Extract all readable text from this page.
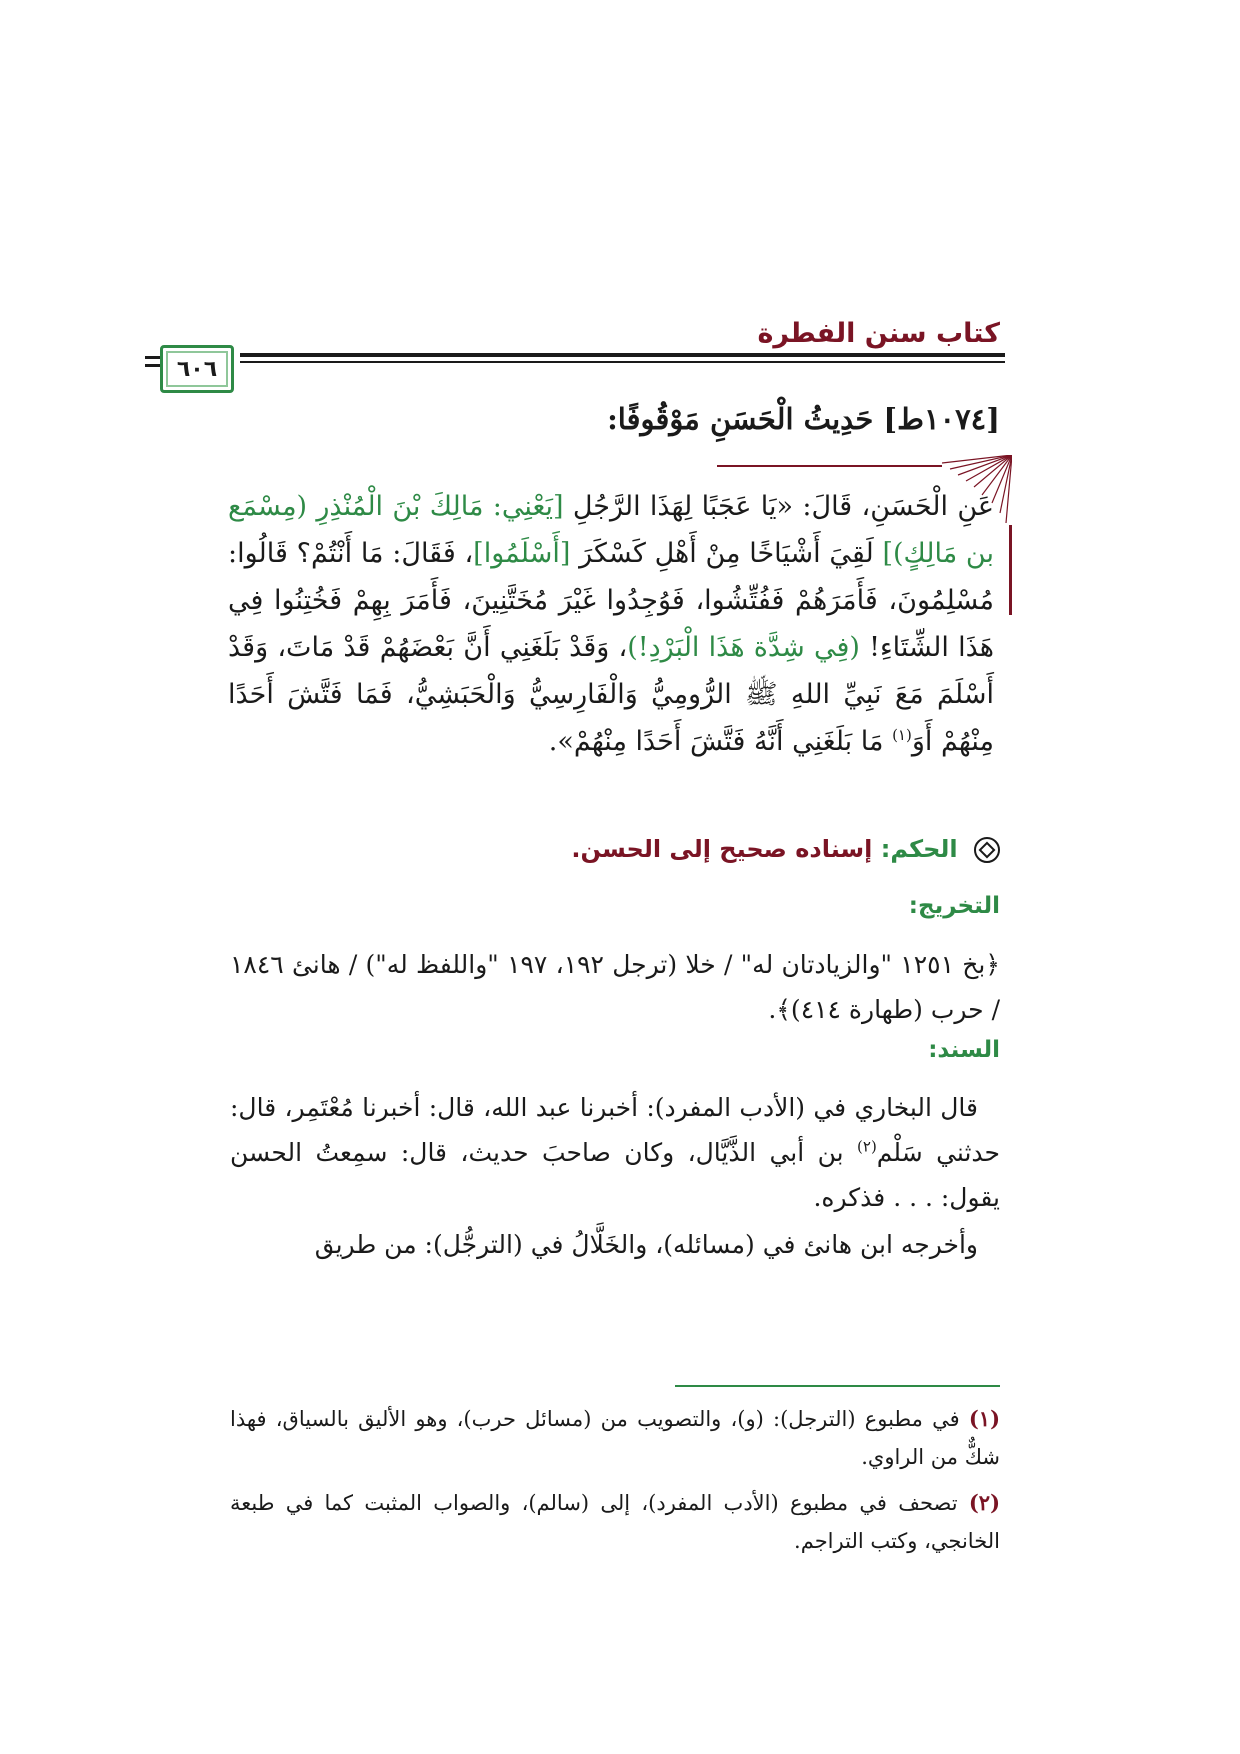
كتاب سنن الفطرة
٦٠٦
[١٠٧٤ط] حَدِيثُ الْحَسَنِ مَوْقُوفًا:
عَنِ الْحَسَنِ، قَالَ: «يَا عَجَبًا لِهَذَا الرَّجُلِ [يَعْنِي: مَالِكَ بْنَ الْمُنْذِرِ (مِسْمَع بن مَالِكٍ)] لَقِيَ أَشْيَاخًا مِنْ أَهْلِ كَسْكَرَ [أَسْلَمُوا]، فَقَالَ: مَا أَنْتُمْ؟ قَالُوا: مُسْلِمُونَ، فَأَمَرَهُمْ فَفُتِّشُوا، فَوُجِدُوا غَيْرَ مُخَتَّنِينَ، فَأَمَرَ بِهِمْ فَخُتِنُوا فِي هَذَا الشِّتَاءِ! (فِي شِدَّة هَذَا الْبَرْدِ!)، وَقَدْ بَلَغَنِي أَنَّ بَعْضَهُمْ قَدْ مَاتَ، وَقَدْ أَسْلَمَ مَعَ نَبِيِّ اللهِ ﷺ الرُّومِيُّ وَالْفَارِسِيُّ وَالْحَبَشِيُّ، فَمَا فَتَّشَ أَحَدًا مِنْهُمْ أَوَ$^{(١)}$ مَا بَلَغَنِي أَنَّهُ فَتَّشَ أَحَدًا مِنْهُمْ».
الحكم: إسناده صحيح إلى الحسن.
التخريج:
﴿بخ ١٢٥١ "والزيادتان له" / خلا (ترجل ١٩٢، ١٩٧ "واللفظ له") / هانئ ١٨٤٦ / حرب (طهارة ٤١٤)﴾.
السند:
قال البخاري في (الأدب المفرد): أخبرنا عبد الله، قال: أخبرنا مُعْتَمِر، قال: حدثني سَلْم$^{(٢)}$ بن أبي الذَّيَّال، وكان صاحبَ حديث، قال: سمِعتُ الحسن يقول: . . . فذكره.
وأخرجه ابن هانئ في (مسائله)، والخَلَّالُ في (الترجُّل): من طريق
(١) في مطبوع (الترجل): (و)، والتصويب من (مسائل حرب)، وهو الأليق بالسياق، فهذا شكٌّ من الراوي.
(٢) تصحف في مطبوع (الأدب المفرد)، إلى (سالم)، والصواب المثبت كما في طبعة الخانجي، وكتب التراجم.
